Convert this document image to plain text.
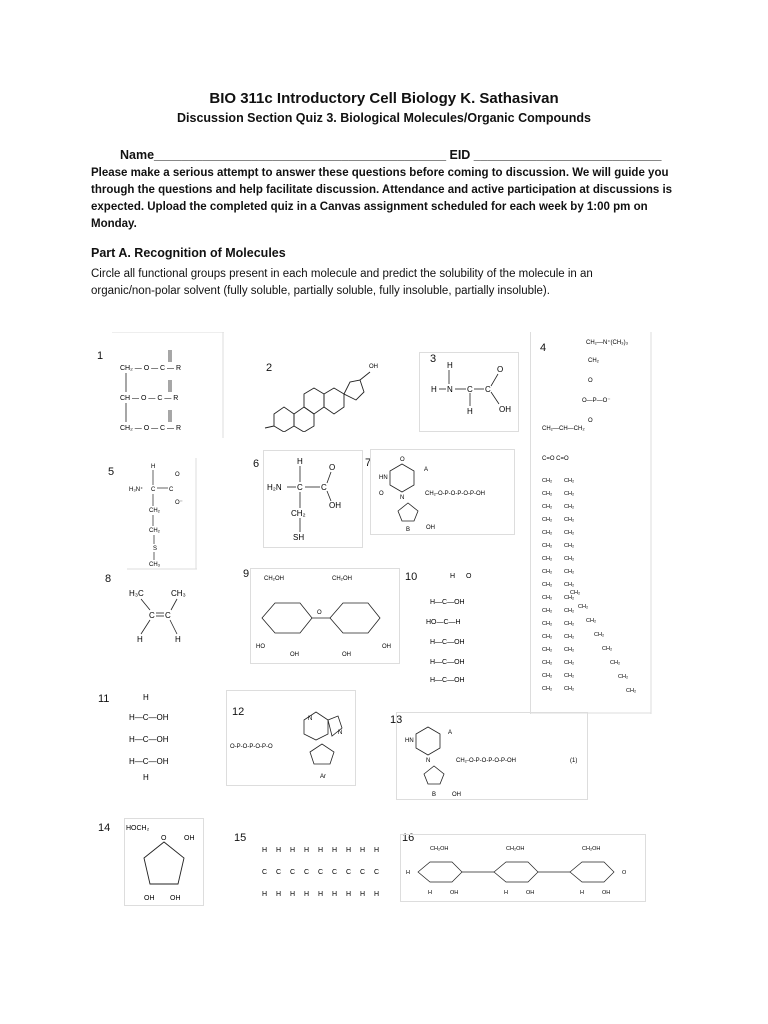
BIO 311c Introductory Cell Biology K. Sathasivan
Discussion Section Quiz 3. Biological Molecules/Organic Compounds
Name__________________________________________ EID ___________________________
Please make a serious attempt to answer these questions before coming to discussion. We will guide you through the questions and help facilitate discussion. Attendance and active participation at discussions is expected. Upload the completed quiz in a Canvas assignment scheduled for each week by 1:00 pm on Monday.
Part A. Recognition of Molecules
Circle all functional groups present in each molecule and predict the solubility of the molecule in an organic/non-polar solvent (fully soluble, partially soluble, fully insoluble, partially insoluble).
1
2
3
4
5
6	7
8	9	10
11
12
13
14
15	16
CH₂ — O — C — R
CH — O — C — R
CH₂ — O — C — R
OH	H
H N C C
OH
O
H
CH₂—N⁺(CH₃)₃
CH₂
O
O—P—O⁻
O
CH₂—CH—CH₂
C=O C=O
CH₂ CH₂
CH₂ CH₂
CH₂ CH₂
CH₂ CH₂
CH₂ CH₂
CH₂ CH₂
CH₂ CH₂
CH₂ CH₂
CH₂ CH₂
CH₂ CH₂
CH₂ CH₂
CH₂ CH₂
CH₂ CH₂
CH₂ CH₂
CH₂ CH₂
CH₂ CH₂
CH₂ CH₂
CH₂
CH₂
CH₂
CH₂
CH₂
CH₂
CH₂
CH₂
H₃N⁺
H
C C
O
O⁻
CH₂
CH₂
S
CH₃
H₂N
H
C C
O
OH
CH₂
SH
O
HN
A
O
N
CH₂-O-P-O-P-O-P-OH
B	OH
H₃C
C C
CH₃
H	H
CH₂OH	CH₂OH
O
HO
OH	OH
OH
H O
H—C—OH
HO—C—H
H—C—OH
H—C—OH
H—C—OH
H
H—C—OH
H—C—OH
H—C—OH
H
O-P-O-P-O-P-O
N
N
Ar
HN
A
N	CH₂-O-P-O-P-O-P-OH
B	OH
(1)
HOCH₂
O	OH
OH OH
H
C
H
H
C
H
H
C
H
H
C
H
H
C
H
H
C
H
H
C
H
H
C
H
H
C
H
CH₂OH	CH₂OH	CH₂OH
H
H	OH	H	OH	H	OH
O
